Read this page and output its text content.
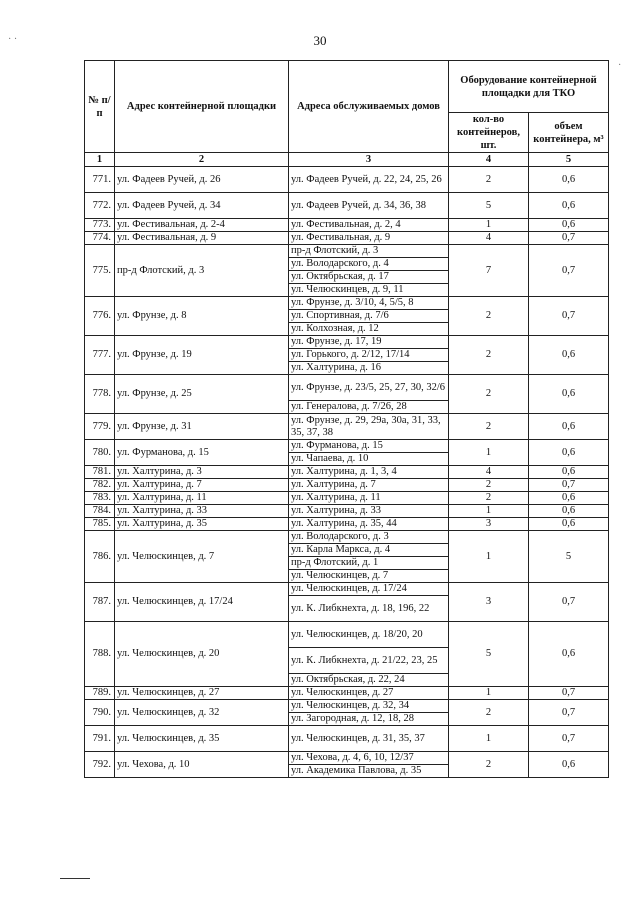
30
№ п/п	Адрес контейнерной площадки	Адреса обслуживаемых домов	Оборудование контейнерной площадки для ТКО	
			кол-во контейнеров, шт.	объем контейнера, м³
1	2	3	4	5
771.	ул. Фадеев Ручей, д. 26	ул. Фадеев Ручей, д. 22, 24, 25, 26	2	0,6
772.	ул. Фадеев Ручей, д. 34	ул. Фадеев Ручей, д. 34, 36, 38	5	0,6
773.	ул. Фестивальная, д. 2-4	ул. Фестивальная, д. 2, 4	1	0,6
774.	ул. Фестивальная, д. 9	ул. Фестивальная, д. 9	4	0,7
775.	пр-д Флотский, д. 3	пр-д Флотский, д. 3	7	0,7
		ул. Володарского, д. 4		
		ул. Октябрьская, д. 17		
		ул. Челюскинцев, д. 9, 11		
776.	ул. Фрунзе, д. 8	ул. Фрунзе, д. 3/10, 4, 5/5, 8	2	0,7
		ул. Спортивная, д. 7/6		
		ул. Колхозная, д. 12		
777.	ул. Фрунзе, д. 19	ул. Фрунзе, д. 17, 19	2	0,6
		ул. Горького, д. 2/12, 17/14		
		ул. Халтурина, д. 16		
778.	ул. Фрунзе, д. 25	ул. Фрунзе, д. 23/5, 25, 27, 30, 32/6	2	0,6
		ул. Генералова, д. 7/26, 28		
779.	ул. Фрунзе, д. 31	ул. Фрунзе, д. 29, 29а, 30а, 31, 33, 35, 37, 38	2	0,6
780.	ул. Фурманова, д. 15	ул. Фурманова, д. 15	1	0,6
		ул. Чапаева, д. 10		
781.	ул. Халтурина, д. 3	ул. Халтурина, д. 1, 3, 4	4	0,6
782.	ул. Халтурина, д. 7	ул. Халтурина, д. 7	2	0,7
783.	ул. Халтурина, д. 11	ул. Халтурина, д. 11	2	0,6
784.	ул. Халтурина, д. 33	ул. Халтурина, д. 33	1	0,6
785.	ул. Халтурина, д. 35	ул. Халтурина, д. 35, 44	3	0,6
786.	ул. Челюскинцев, д. 7	ул. Володарского, д. 3	1	5
		ул. Карла Маркса, д. 4		
		пр-д Флотский, д. 1		
		ул. Челюскинцев, д. 7		
787.	ул. Челюскинцев, д. 17/24	ул. Челюскинцев, д. 17/24	3	0,7
		ул. К. Либкнехта, д. 18, 196, 22		
788.	ул. Челюскинцев, д. 20	ул. Челюскинцев, д. 18/20, 20	5	0,6
		ул. К. Либкнехта, д. 21/22, 23, 25		
		ул. Октябрьская, д. 22, 24		
789.	ул. Челюскинцев, д. 27	ул. Челюскинцев, д. 27	1	0,7
790.	ул. Челюскинцев, д. 32	ул. Челюскинцев, д. 32, 34	2	0,7
		ул. Загородная, д. 12, 18, 28		
791.	ул. Челюскинцев, д. 35	ул. Челюскинцев, д. 31, 35, 37	1	0,7
792.	ул. Чехова, д. 10	ул. Чехова, д. 4, 6, 10, 12/37	2	0,6
		ул. Академика Павлова, д. 35		
· ·
·
